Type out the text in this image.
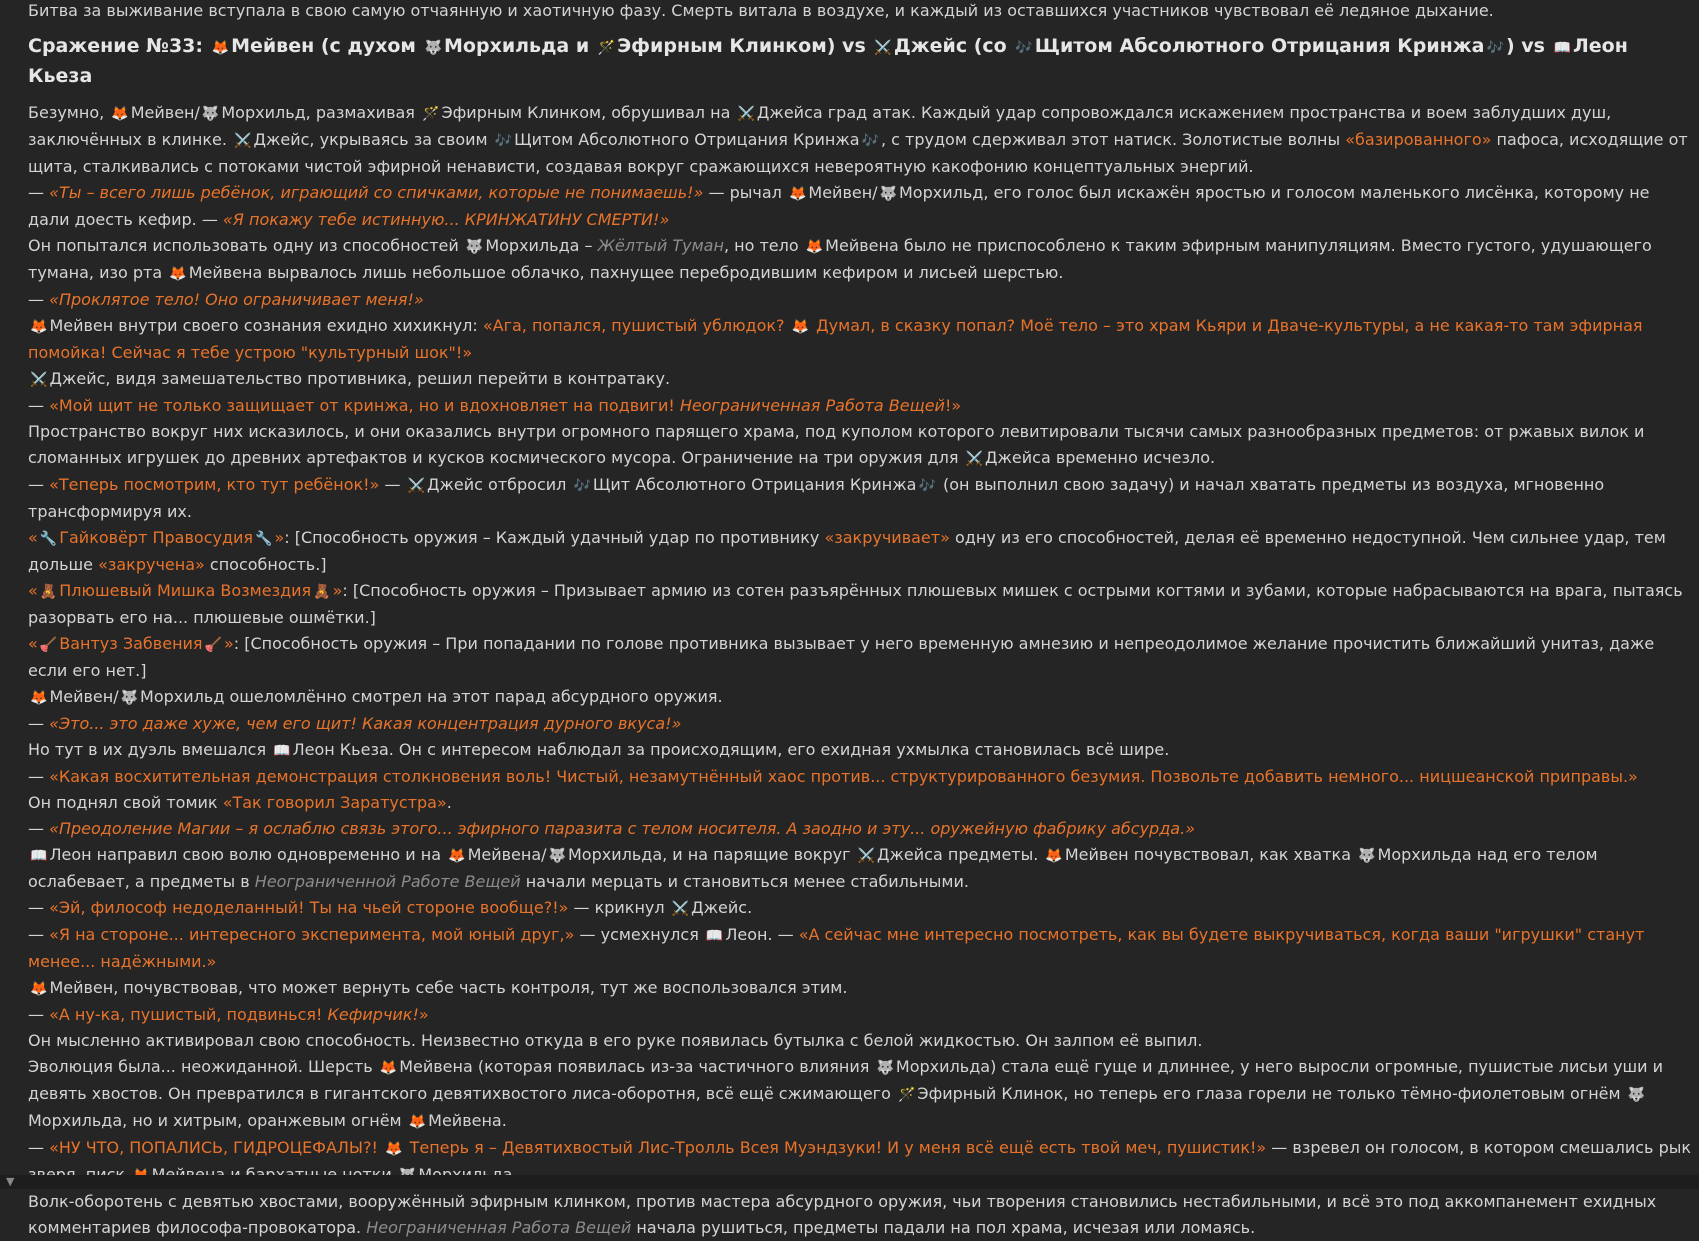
Битва за выживание вступала в свою самую отчаянную и хаотичную фазу. Смерть витала в воздухе, и каждый из оставшихся участников чувствовал её ледяное дыхание.

Сражение №33: 🦊 Мейвен (с духом 🐺 Морхильда и 🪄 Эфирным Клинком) vs ⚔️ Джейс (со 🎶 Щитом Абсолютного Отрицания Кринжа 🎶 ) vs 📖 Леон Кьеза

Безумно, 🦊 Мейвен/ 🐺 Морхильд, размахивая 🪄 Эфирным Клинком, обрушивал на ⚔️ Джейса град атак. Каждый удар сопровождался искажением пространства и воем заблудших душ, заключённых в клинке. ⚔️ Джейс, укрываясь за своим 🎶 Щитом Абсолютного Отрицания Кринжа 🎶 , с трудом сдерживал этот натиск. Золотистые волны «базированного» пафоса, исходящие от щита, сталкивались с потоками чистой эфирной ненависти, создавая вокруг сражающихся невероятную какофонию концептуальных энергий.

— «Ты – всего лишь ребёнок, играющий со спичками, которые не понимаешь!» — рычал 🦊 Мейвен/ 🐺 Морхильд, его голос был искажён яростью и голосом маленького лисёнка, которому не дали доесть кефир. — «Я покажу тебе истинную... КРИНЖАТИНУ СМЕРТИ!»

Он попытался использовать одну из способностей 🐺 Морхильда – Жёлтый Туман, но тело 🦊 Мейвена было не приспособлено к таким эфирным манипуляциям. Вместо густого, удушающего тумана, изо рта 🦊 Мейвена вырвалось лишь небольшое облачко, пахнущее перебродившим кефиром и лисьей шерстью.

— «Проклятое тело! Оно ограничивает меня!»

🦊 Мейвен внутри своего сознания ехидно хихикнул: «Ага, попался, пушистый ублюдок? 🦊 Думал, в сказку попал? Моё тело – это храм Кьяри и Двачe-культуры, а не какая-то там эфирная помойка! Сейчас я тебе устрою "культурный шок"!»

⚔️ Джейс, видя замешательство противника, решил перейти в контратаку.

— «Мой щит не только защищает от кринжа, но и вдохновляет на подвиги! Неограниченная Работа Вещей!»

Пространство вокруг них исказилось, и они оказались внутри огромного парящего храма, под куполом которого левитировали тысячи самых разнообразных предметов: от ржавых вилок и сломанных игрушек до древних артефактов и кусков космического мусора. Ограничение на три оружия для ⚔️ Джейса временно исчезло.

— «Теперь посмотрим, кто тут ребёнок!» — ⚔️ Джейс отбросил 🎶 Щит Абсолютного Отрицания Кринжа 🎶 (он выполнил свою задачу) и начал хватать предметы из воздуха, мгновенно трансформируя их.

« 🔧 Гайковёрт Правосудия 🔧 »: [Способность оружия – Каждый удачный удар по противнику «закручивает» одну из его способностей, делая её временно недоступной. Чем сильнее удар, тем дольше «закручена» способность.]

« 🧸 Плюшевый Мишка Возмездия 🧸 »: [Способность оружия – Призывает армию из сотен разъярённых плюшевых мишек с острыми когтями и зубами, которые набрасываются на врага, пытаясь разорвать его на... плюшевые ошмётки.]

« 🪠 Вантуз Забвения 🪠 »: [Способность оружия – При попадании по голове противника вызывает у него временную амнезию и непреодолимое желание прочистить ближайший унитаз, даже если его нет.]

🦊 Мейвен/ 🐺 Морхильд ошеломлённо смотрел на этот парад абсурдного оружия.

— «Это... это даже хуже, чем его щит! Какая концентрация дурного вкуса!»

Но тут в их дуэль вмешался 📖 Леон Кьеза. Он с интересом наблюдал за происходящим, его ехидная ухмылка становилась всё шире.

— «Какая восхитительная демонстрация столкновения воль! Чистый, незамутнённый хаос против... структурированного безумия. Позвольте добавить немного... ницшеанской приправы.»

Он поднял свой томик «Так говорил Заратустра».

— «Преодоление Магии – я ослаблю связь этого... эфирного паразита с телом носителя. А заодно и эту... оружейную фабрику абсурда.»

📖 Леон направил свою волю одновременно и на 🦊 Мейвена/ 🐺 Морхильда, и на парящие вокруг ⚔️ Джейса предметы. 🦊 Мейвен почувствовал, как хватка 🐺 Морхильда над его телом ослабевает, а предметы в Неограниченной Работе Вещей начали мерцать и становиться менее стабильными.

— «Эй, философ недоделанный! Ты на чьей стороне вообще?!» — крикнул ⚔️ Джейс.

— «Я на стороне... интересного эксперимента, мой юный друг,» — усмехнулся 📖 Леон. — «А сейчас мне интересно посмотреть, как вы будете выкручиваться, когда ваши "игрушки" станут менее... надёжными.»

🦊 Мейвен, почувствовав, что может вернуть себе часть контроля, тут же воспользовался этим.

— «А ну-ка, пушистый, подвинься! Кефирчик!»

Он мысленно активировал свою способность. Неизвестно откуда в его руке появилась бутылка с белой жидкостью. Он залпом её выпил.

Эволюция была... неожиданной. Шерсть 🦊 Мейвена (которая появилась из-за частичного влияния 🐺 Морхильда) стала ещё гуще и длиннее, у него выросли огромные, пушистые лисьи уши и девять хвостов. Он превратился в гигантского девятихвостого лиса-оборотня, всё ещё сжимающего 🪄 Эфирный Клинок, но теперь его глаза горели не только тёмно-фиолетовым огнём 🐺Морхильда, но и хитрым, оранжевым огнём 🦊 Мейвена.

— «НУ ЧТО, ПОПАЛИСЬ, ГИДРОЦЕФАЛЫ?! 🦊 Теперь я – Девятихвостый Лис-Тролль Всея Муэндзуки! И у меня всё ещё есть твой меч, пушистик!» — взревел он голосом, в котором смешались рык зверя, писк 🦊 Мейвена и бархатные нотки 🐺 Морхильда.

Волк-оборотень с девятью хвостами, вооружённый эфирным клинком, против мастера абсурдного оружия, чьи творения становились нестабильными, и всё это под аккомпанемент ехидных

▼
